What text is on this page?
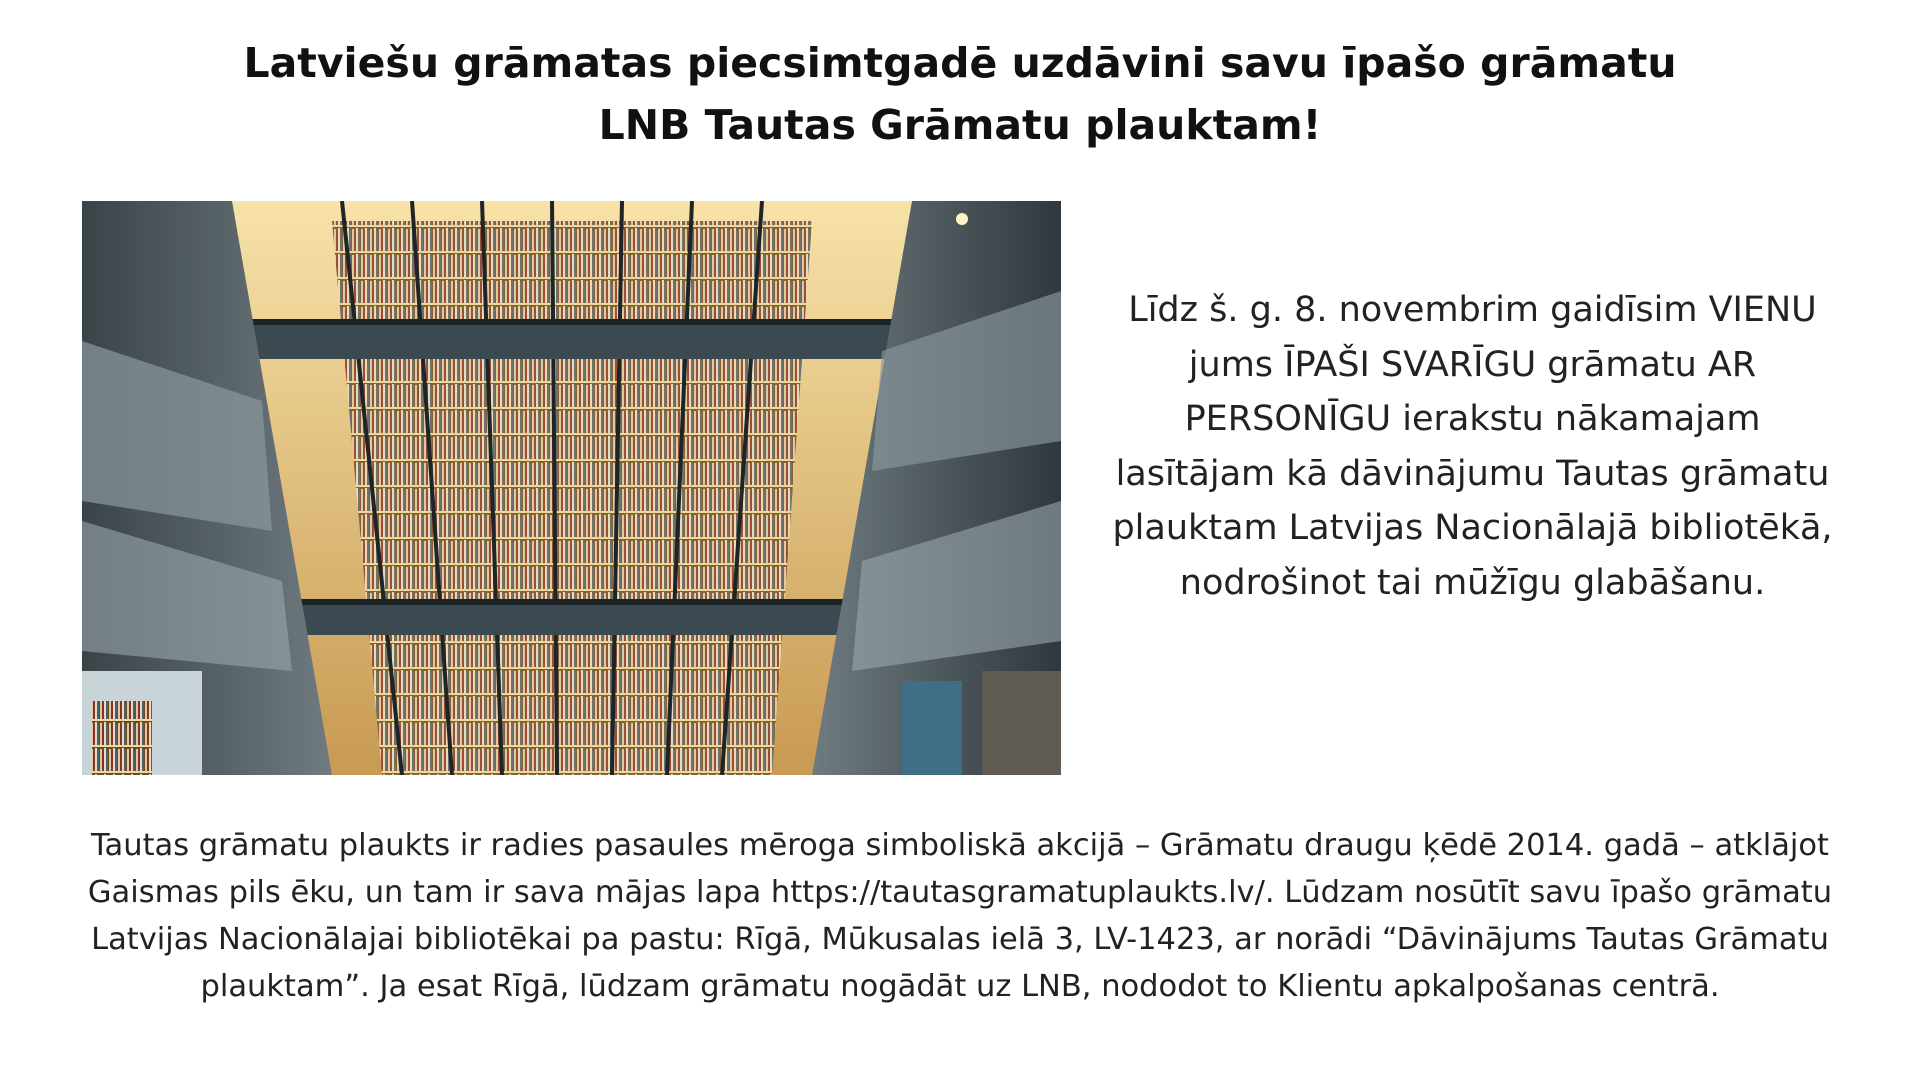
Latviešu grāmatas piecsimtgadē uzdāvini savu īpašo grāmatu
LNB Tautas Grāmatu plauktam!

Līdz š. g. 8. novembrim gaidīsim VIENU jums ĪPAŠI SVARĪGU grāmatu AR PERSONĪGU ierakstu nākamajam lasītājam kā dāvinājumu Tautas grāmatu plauktam Latvijas Nacionālajā bibliotēkā, nodrošinot tai mūžīgu glabāšanu.

Tautas grāmatu plaukts ir radies pasaules mēroga simboliskā akcijā – Grāmatu draugu ķēdē 2014. gadā – atklājot Gaismas pils ēku, un tam ir sava mājas lapa https://tautasgramatuplaukts.lv/. Lūdzam nosūtīt savu īpašo grāmatu Latvijas Nacionālajai bibliotēkai pa pastu: Rīgā, Mūkusalas ielā 3, LV-1423, ar norādi “Dāvinājums Tautas Grāmatu plauktam”. Ja esat Rīgā, lūdzam grāmatu nogādāt uz LNB, nododot to Klientu apkalpošanas centrā.
